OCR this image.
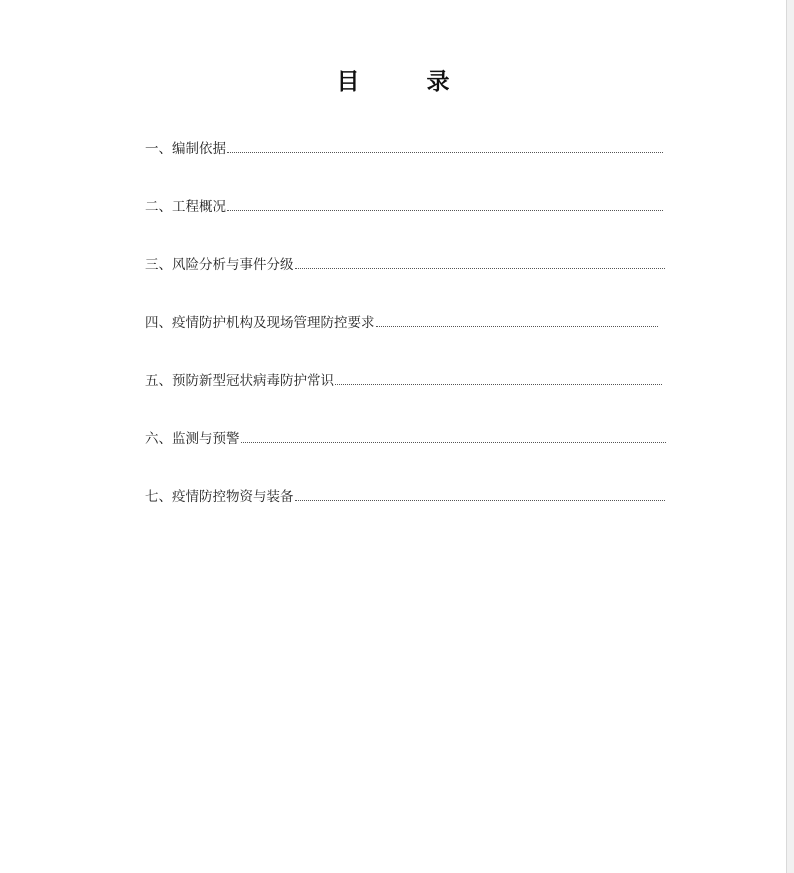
目　录
一、 编制依据
二、 工程概况
三、 风险分析与事件分级
四、 疫情防护机构及现场管理防控要求
五、 预防新型冠状病毒防护常识
六、 监测与预警
七、 疫情防控物资与装备
